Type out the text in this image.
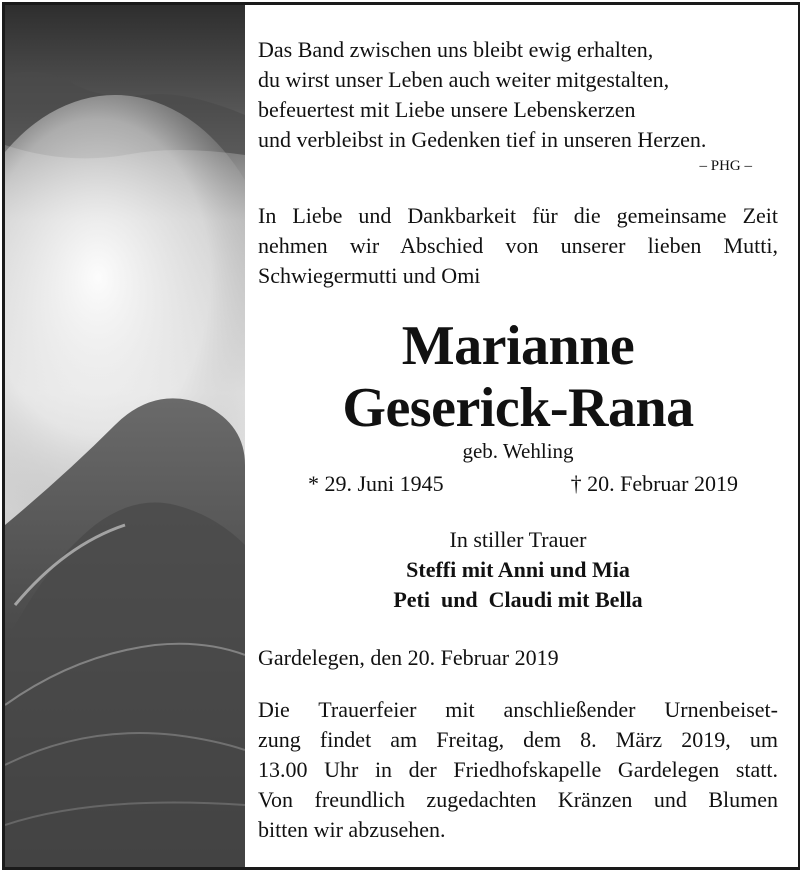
Das Band zwischen uns bleibt ewig erhalten,
du wirst unser Leben auch weiter mitgestalten,
befeuertest mit Liebe unsere Lebenskerzen
und verbleibst in Gedenken tief in unseren Herzen.
– PHG –
In Liebe und Dankbarkeit für die gemeinsame Zeit
nehmen wir Abschied von unserer lieben Mutti,
Schwiegermutti und Omi
Marianne
Geserick-Rana
geb. Wehling
* 29. Juni 1945	† 20. Februar 2019
In stiller Trauer
Steffi mit Anni und Mia
Peti  und  Claudi mit Bella
Gardelegen, den 20. Februar 2019
Die Trauerfeier mit anschließender Urnenbeiset-
zung findet am Freitag, dem 8. März 2019, um
13.00 Uhr in der Friedhofskapelle Gardelegen statt.
Von freundlich zugedachten Kränzen und Blumen
bitten wir abzusehen.
